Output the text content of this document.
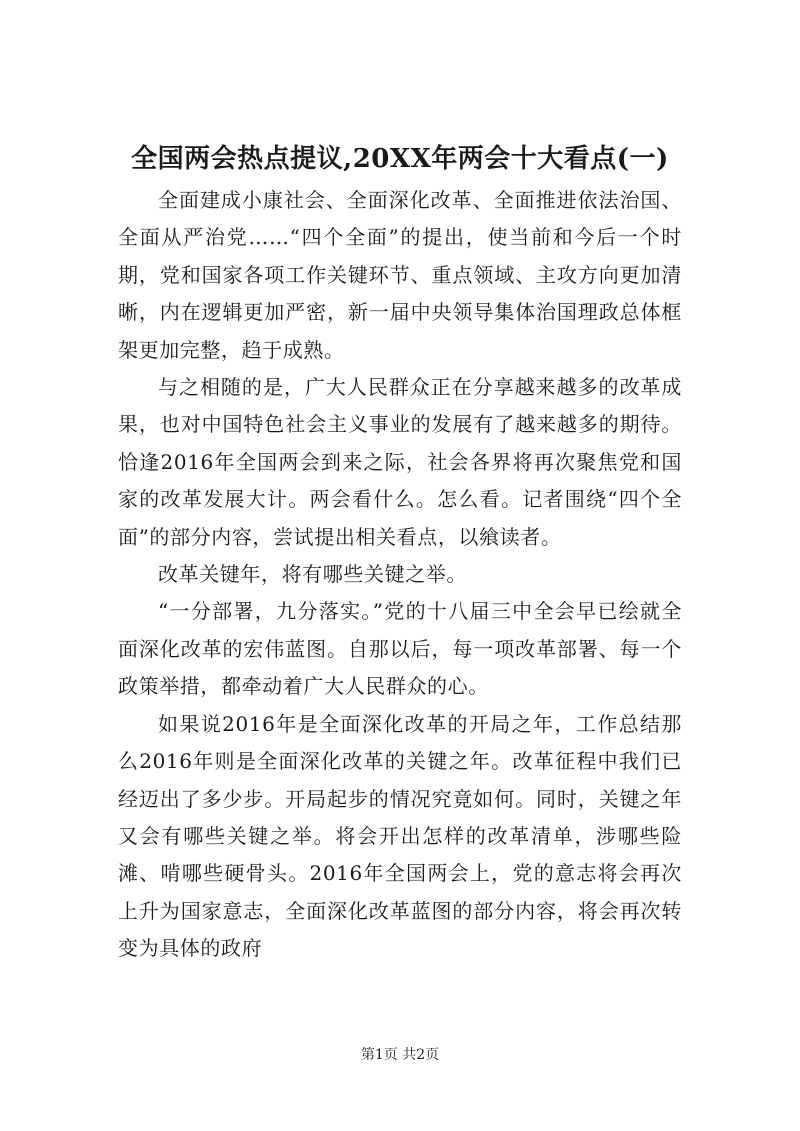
全国两会热点提议,20XX年两会十大看点(一)

全面建成小康社会、全面深化改革、全面推进依法治国、全面从严治党……“四个全面”的提出，使当前和今后一个时期，党和国家各项工作关键环节、重点领域、主攻方向更加清晰，内在逻辑更加严密，新一届中央领导集体治国理政总体框架更加完整，趋于成熟。

与之相随的是，广大人民群众正在分享越来越多的改革成果，也对中国特色社会主义事业的发展有了越来越多的期待。恰逢2016年全国两会到来之际，社会各界将再次聚焦党和国家的改革发展大计。两会看什么。怎么看。记者围绕“四个全面”的部分内容，尝试提出相关看点，以飨读者。

改革关键年，将有哪些关键之举。

“一分部署，九分落实。”党的十八届三中全会早已绘就全面深化改革的宏伟蓝图。自那以后，每一项改革部署、每一个政策举措，都牵动着广大人民群众的心。

如果说2016年是全面深化改革的开局之年，工作总结那么2016年则是全面深化改革的关键之年。改革征程中我们已经迈出了多少步。开局起步的情况究竟如何。同时，关键之年又会有哪些关键之举。将会开出怎样的改革清单，涉哪些险滩、啃哪些硬骨头。2016年全国两会上，党的意志将会再次上升为国家意志，全面深化改革蓝图的部分内容，将会再次转变为具体的政府

第1页 共2页
